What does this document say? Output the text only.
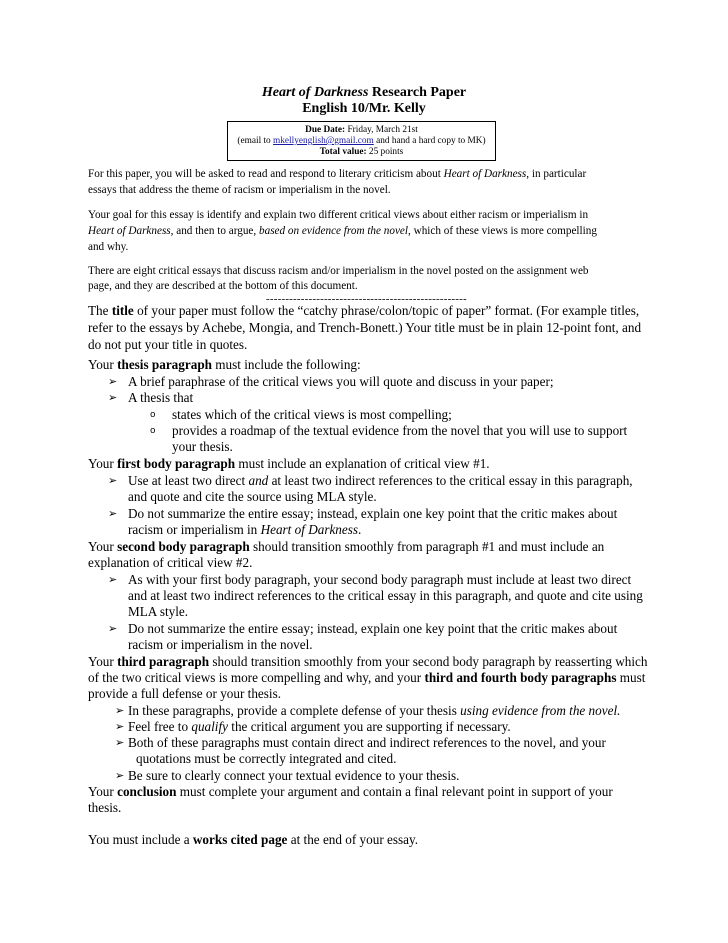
Heart of Darkness Research Paper
English 10/Mr. Kelly
Due Date: Friday, March 21st
(email to mkellyenglish@gmail.com and hand a hard copy to MK)
Total value: 25 points
For this paper, you will be asked to read and respond to literary criticism about Heart of Darkness, in particular
essays that address the theme of racism or imperialism in the novel.
Your goal for this essay is identify and explain two different critical views about either racism or imperialism in
Heart of Darkness, and then to argue, based on evidence from the novel, which of these views is more compelling
and why.
There are eight critical essays that discuss racism and/or imperialism in the novel posted on the assignment web
page, and they are described at the bottom of this document.
----------------------------------------------------
The title of your paper must follow the “catchy phrase/colon/topic of paper” format. (For example titles,
refer to the essays by Achebe, Mongia, and Trench-Bonett.) Your title must be in plain 12-point font, and
do not put your title in quotes.
Your thesis paragraph must include the following:
➢ A brief paraphrase of the critical views you will quote and discuss in your paper;
➢ A thesis that
o states which of the critical views is most compelling;
o provides a roadmap of the textual evidence from the novel that you will use to support
your thesis.
Your first body paragraph must include an explanation of critical view #1.
➢ Use at least two direct and at least two indirect references to the critical essay in this paragraph,
and quote and cite the source using MLA style.
➢ Do not summarize the entire essay; instead, explain one key point that the critic makes about
racism or imperialism in Heart of Darkness.
Your second body paragraph should transition smoothly from paragraph #1 and must include an
explanation of critical view #2.
➢ As with your first body paragraph, your second body paragraph must include at least two direct
and at least two indirect references to the critical essay in this paragraph, and quote and cite using
MLA style.
➢ Do not summarize the entire essay; instead, explain one key point that the critic makes about
racism or imperialism in the novel.
Your third paragraph should transition smoothly from your second body paragraph by reasserting which
of the two critical views is more compelling and why, and your third and fourth body paragraphs must
provide a full defense or your thesis.
➢ In these paragraphs, provide a complete defense of your thesis using evidence from the novel.
➢ Feel free to qualify the critical argument you are supporting if necessary.
➢ Both of these paragraphs must contain direct and indirect references to the novel, and your
quotations must be correctly integrated and cited.
➢ Be sure to clearly connect your textual evidence to your thesis.
Your conclusion must complete your argument and contain a final relevant point in support of your
thesis.
You must include a works cited page at the end of your essay.
